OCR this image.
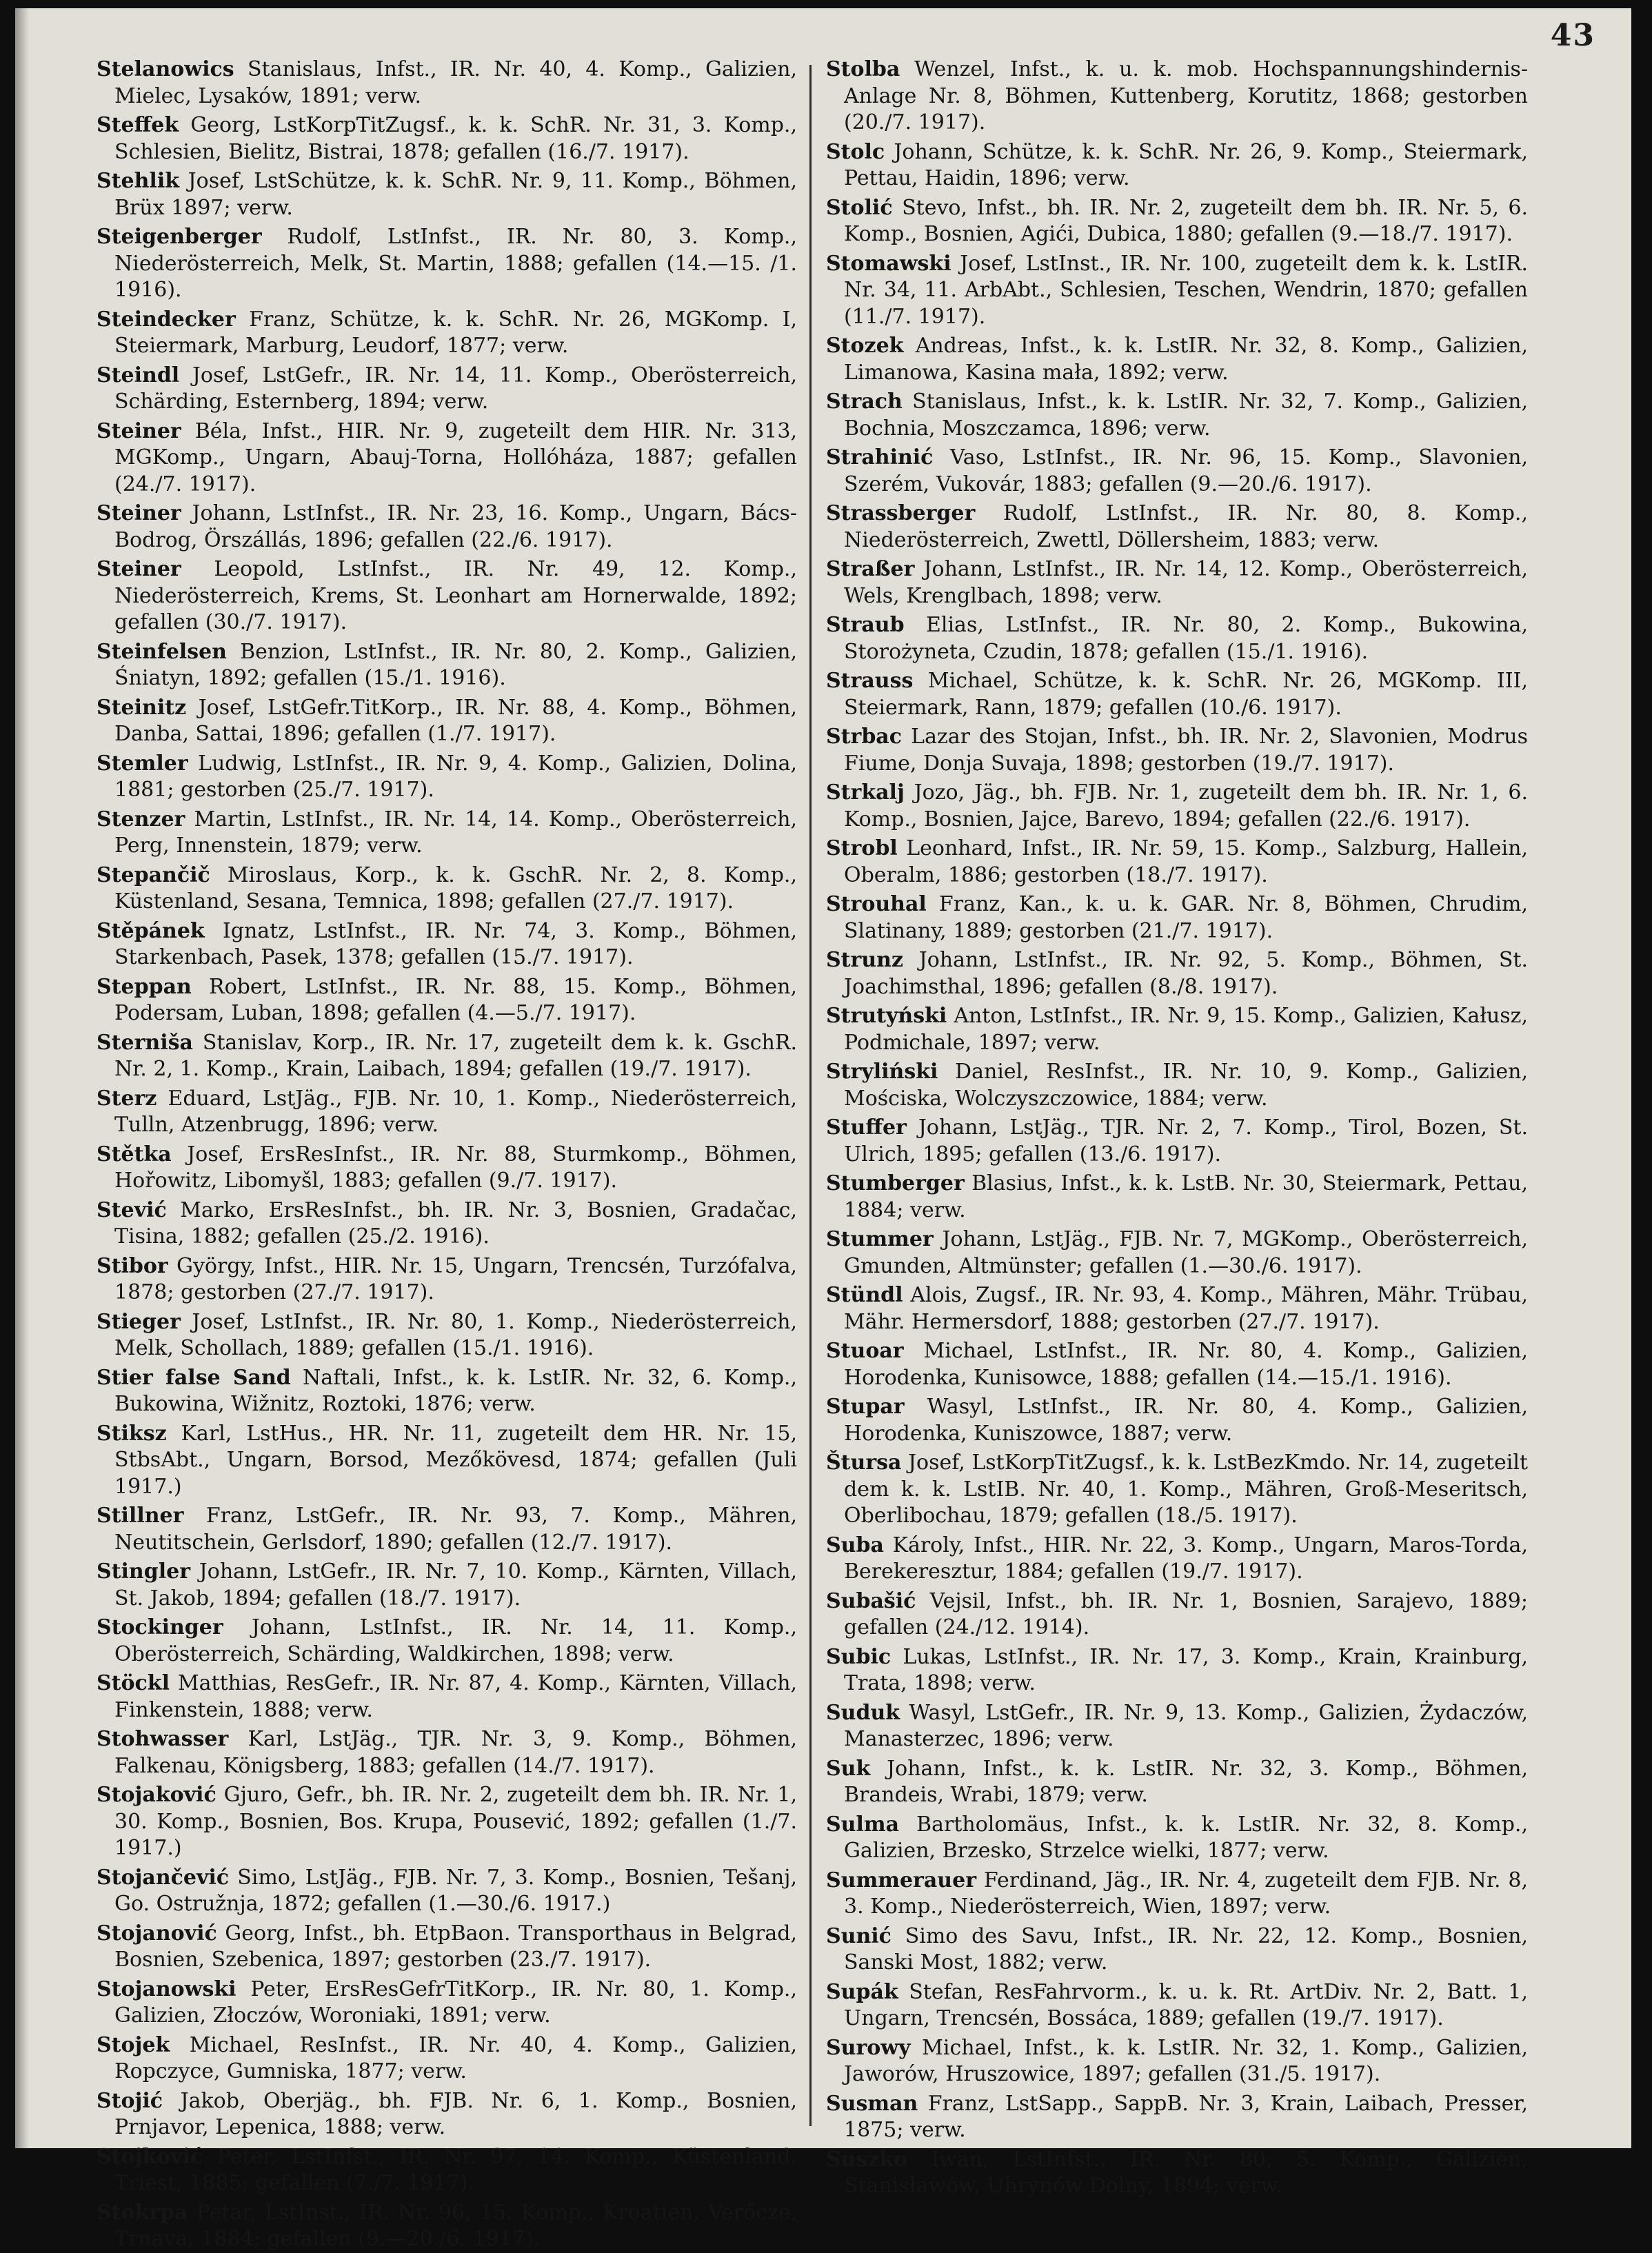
43

Stelanowics Stanislaus, Infst., IR. Nr. 40, 4. Komp., Galizien, Mielec, Lysaków, 1891; verw.

Steffek Georg, LstKorpTitZugsf., k. k. SchR. Nr. 31, 3. Komp., Schlesien, Bielitz, Bistrai, 1878; gefallen (16./7. 1917).

Stehlik Josef, LstSchütze, k. k. SchR. Nr. 9, 11. Komp., Böhmen, Brüx 1897; verw.

Steigenberger Rudolf, LstInfst., IR. Nr. 80, 3. Komp., Niederösterreich, Melk, St. Martin, 1888; gefallen (14.—15. /1. 1916).

Steindecker Franz, Schütze, k. k. SchR. Nr. 26, MGKomp. I, Steiermark, Marburg, Leudorf, 1877; verw.

Steindl Josef, LstGefr., IR. Nr. 14, 11. Komp., Oberösterreich, Schärding, Esternberg, 1894; verw.

Steiner Béla, Infst., HIR. Nr. 9, zugeteilt dem HIR. Nr. 313, MGKomp., Ungarn, Abauj-Torna, Hollóháza, 1887; gefallen (24./7. 1917).

Steiner Johann, LstInfst., IR. Nr. 23, 16. Komp., Ungarn, Bács-Bodrog, Örszállás, 1896; gefallen (22./6. 1917).

Steiner Leopold, LstInfst., IR. Nr. 49, 12. Komp., Niederösterreich, Krems, St. Leonhart am Hornerwalde, 1892; gefallen (30./7. 1917).

Steinfelsen Benzion, LstInfst., IR. Nr. 80, 2. Komp., Galizien, Śniatyn, 1892; gefallen (15./1. 1916).

Steinitz Josef, LstGefr.TitKorp., IR. Nr. 88, 4. Komp., Böhmen, Danba, Sattai, 1896; gefallen (1./7. 1917).

Stemler Ludwig, LstInfst., IR. Nr. 9, 4. Komp., Galizien, Dolina, 1881; gestorben (25./7. 1917).

Stenzer Martin, LstInfst., IR. Nr. 14, 14. Komp., Oberösterreich, Perg, Innenstein, 1879; verw.

Stepančič Miroslaus, Korp., k. k. GschR. Nr. 2, 8. Komp., Küstenland, Sesana, Temnica, 1898; gefallen (27./7. 1917).

Stěpánek Ignatz, LstInfst., IR. Nr. 74, 3. Komp., Böhmen, Starkenbach, Pasek, 1378; gefallen (15./7. 1917).

Steppan Robert, LstInfst., IR. Nr. 88, 15. Komp., Böhmen, Podersam, Luban, 1898; gefallen (4.—5./7. 1917).

Sterniša Stanislav, Korp., IR. Nr. 17, zugeteilt dem k. k. GschR. Nr. 2, 1. Komp., Krain, Laibach, 1894; gefallen (19./7. 1917).

Sterz Eduard, LstJäg., FJB. Nr. 10, 1. Komp., Niederösterreich, Tulln, Atzenbrugg, 1896; verw.

Stětka Josef, ErsResInfst., IR. Nr. 88, Sturmkomp., Böhmen, Hořowitz, Libomyšl, 1883; gefallen (9./7. 1917).

Stević Marko, ErsResInfst., bh. IR. Nr. 3, Bosnien, Gradačac, Tisina, 1882; gefallen (25./2. 1916).

Stibor György, Infst., HIR. Nr. 15, Ungarn, Trencsén, Turzófalva, 1878; gestorben (27./7. 1917).

Stieger Josef, LstInfst., IR. Nr. 80, 1. Komp., Niederösterreich, Melk, Schollach, 1889; gefallen (15./1. 1916).

Stier false Sand Naftali, Infst., k. k. LstIR. Nr. 32, 6. Komp., Bukowina, Wižnitz, Roztoki, 1876; verw.

Stiksz Karl, LstHus., HR. Nr. 11, zugeteilt dem HR. Nr. 15, StbsAbt., Ungarn, Borsod, Mezőkövesd, 1874; gefallen (Juli 1917.)

Stillner Franz, LstGefr., IR. Nr. 93, 7. Komp., Mähren, Neutitschein, Gerlsdorf, 1890; gefallen (12./7. 1917).

Stingler Johann, LstGefr., IR. Nr. 7, 10. Komp., Kärnten, Villach, St. Jakob, 1894; gefallen (18./7. 1917).

Stockinger Johann, LstInfst., IR. Nr. 14, 11. Komp., Oberösterreich, Schärding, Waldkirchen, 1898; verw.

Stöckl Matthias, ResGefr., IR. Nr. 87, 4. Komp., Kärnten, Villach, Finkenstein, 1888; verw.

Stohwasser Karl, LstJäg., TJR. Nr. 3, 9. Komp., Böhmen, Falkenau, Königsberg, 1883; gefallen (14./7. 1917).

Stojaković Gjuro, Gefr., bh. IR. Nr. 2, zugeteilt dem bh. IR. Nr. 1, 30. Komp., Bosnien, Bos. Krupa, Pousević, 1892; gefallen (1./7. 1917.)

Stojančević Simo, LstJäg., FJB. Nr. 7, 3. Komp., Bosnien, Tešanj, Go. Ostružnja, 1872; gefallen (1.—30./6. 1917.)

Stojanović Georg, Infst., bh. EtpBaon. Transporthaus in Belgrad, Bosnien, Szebenica, 1897; gestorben (23./7. 1917).

Stojanowski Peter, ErsResGefrTitKorp., IR. Nr. 80, 1. Komp., Galizien, Złoczów, Woroniaki, 1891; verw.

Stojek Michael, ResInfst., IR. Nr. 40, 4. Komp., Galizien, Ropczyce, Gumniska, 1877; verw.

Stojić Jakob, Oberjäg., bh. FJB. Nr. 6, 1. Komp., Bosnien, Prnjavor, Lepenica, 1888; verw.

Stojković Peter, LstInfst., IR. Nr. 97, 14. Komp., Küstenland, Triest, 1885; gefallen (7./7. 1917).

Stokrpa Petar, LstInst., IR. Nr. 96, 15. Komp., Kroatien, Verőcze, Trnava, 1884; gefallen (9.—20./6. 1917).

Stolba Wenzel, Infst., k. u. k. mob. Hochspannungshindernis-Anlage Nr. 8, Böhmen, Kuttenberg, Korutitz, 1868; gestorben (20./7. 1917).

Stolc Johann, Schütze, k. k. SchR. Nr. 26, 9. Komp., Steiermark, Pettau, Haidin, 1896; verw.

Stolić Stevo, Infst., bh. IR. Nr. 2, zugeteilt dem bh. IR. Nr. 5, 6. Komp., Bosnien, Agići, Dubica, 1880; gefallen (9.—18./7. 1917).

Stomawski Josef, LstInst., IR. Nr. 100, zugeteilt dem k. k. LstIR. Nr. 34, 11. ArbAbt., Schlesien, Teschen, Wendrin, 1870; gefallen (11./7. 1917).

Stozek Andreas, Infst., k. k. LstIR. Nr. 32, 8. Komp., Galizien, Limanowa, Kasina mała, 1892; verw.

Strach Stanislaus, Infst., k. k. LstIR. Nr. 32, 7. Komp., Galizien, Bochnia, Moszczamca, 1896; verw.

Strahinić Vaso, LstInfst., IR. Nr. 96, 15. Komp., Slavonien, Szerém, Vukovár, 1883; gefallen (9.—20./6. 1917).

Strassberger Rudolf, LstInfst., IR. Nr. 80, 8. Komp., Niederösterreich, Zwettl, Döllersheim, 1883; verw.

Straßer Johann, LstInfst., IR. Nr. 14, 12. Komp., Oberösterreich, Wels, Krenglbach, 1898; verw.

Straub Elias, LstInfst., IR. Nr. 80, 2. Komp., Bukowina, Storożyneta, Czudin, 1878; gefallen (15./1. 1916).

Strauss Michael, Schütze, k. k. SchR. Nr. 26, MGKomp. III, Steiermark, Rann, 1879; gefallen (10./6. 1917).

Strbac Lazar des Stojan, Infst., bh. IR. Nr. 2, Slavonien, Modrus Fiume, Donja Suvaja, 1898; gestorben (19./7. 1917).

Strkalj Jozo, Jäg., bh. FJB. Nr. 1, zugeteilt dem bh. IR. Nr. 1, 6. Komp., Bosnien, Jajce, Barevo, 1894; gefallen (22./6. 1917).

Strobl Leonhard, Infst., IR. Nr. 59, 15. Komp., Salzburg, Hallein, Oberalm, 1886; gestorben (18./7. 1917).

Strouhal Franz, Kan., k. u. k. GAR. Nr. 8, Böhmen, Chrudim, Slatinany, 1889; gestorben (21./7. 1917).

Strunz Johann, LstInfst., IR. Nr. 92, 5. Komp., Böhmen, St. Joachimsthal, 1896; gefallen (8./8. 1917).

Strutyński Anton, LstInfst., IR. Nr. 9, 15. Komp., Galizien, Kałusz, Podmichale, 1897; verw.

Stryliński Daniel, ResInfst., IR. Nr. 10, 9. Komp., Galizien, Mościska, Wolczyszczowice, 1884; verw.

Stuffer Johann, LstJäg., TJR. Nr. 2, 7. Komp., Tirol, Bozen, St. Ulrich, 1895; gefallen (13./6. 1917).

Stumberger Blasius, Infst., k. k. LstB. Nr. 30, Steiermark, Pettau, 1884; verw.

Stummer Johann, LstJäg., FJB. Nr. 7, MGKomp., Oberösterreich, Gmunden, Altmünster; gefallen (1.—30./6. 1917).

Stündl Alois, Zugsf., IR. Nr. 93, 4. Komp., Mähren, Mähr. Trübau, Mähr. Hermersdorf, 1888; gestorben (27./7. 1917).

Stuoar Michael, LstInfst., IR. Nr. 80, 4. Komp., Galizien, Horodenka, Kunisowce, 1888; gefallen (14.—15./1. 1916).

Stupar Wasyl, LstInfst., IR. Nr. 80, 4. Komp., Galizien, Horodenka, Kuniszowce, 1887; verw.

Štursa Josef, LstKorpTitZugsf., k. k. LstBezKmdo. Nr. 14, zugeteilt dem k. k. LstIB. Nr. 40, 1. Komp., Mähren, Groß-Meseritsch, Oberlibochau, 1879; gefallen (18./5. 1917).

Suba Károly, Infst., HIR. Nr. 22, 3. Komp., Ungarn, Maros-Torda, Berekeresztur, 1884; gefallen (19./7. 1917).

Subašić Vejsil, Infst., bh. IR. Nr. 1, Bosnien, Sarajevo, 1889; gefallen (24./12. 1914).

Subic Lukas, LstInfst., IR. Nr. 17, 3. Komp., Krain, Krainburg, Trata, 1898; verw.

Suduk Wasyl, LstGefr., IR. Nr. 9, 13. Komp., Galizien, Żydaczów, Manasterzec, 1896; verw.

Suk Johann, Infst., k. k. LstIR. Nr. 32, 3. Komp., Böhmen, Brandeis, Wrabi, 1879; verw.

Sulma Bartholomäus, Infst., k. k. LstIR. Nr. 32, 8. Komp., Galizien, Brzesko, Strzelce wielki, 1877; verw.

Summerauer Ferdinand, Jäg., IR. Nr. 4, zugeteilt dem FJB. Nr. 8, 3. Komp., Niederösterreich, Wien, 1897; verw.

Sunić Simo des Savu, Infst., IR. Nr. 22, 12. Komp., Bosnien, Sanski Most, 1882; verw.

Supák Stefan, ResFahrvorm., k. u. k. Rt. ArtDiv. Nr. 2, Batt. 1, Ungarn, Trencsén, Bossáca, 1889; gefallen (19./7. 1917).

Surowy Michael, Infst., k. k. LstIR. Nr. 32, 1. Komp., Galizien, Jaworów, Hruszowice, 1897; gefallen (31./5. 1917).

Susman Franz, LstSapp., SappB. Nr. 3, Krain, Laibach, Presser, 1875; verw.

Suszko Iwan, LstInfst., IR. Nr. 80, 5. Komp., Galizien, Stanisławów, Uhrynów Dolny, 1894; verw.
